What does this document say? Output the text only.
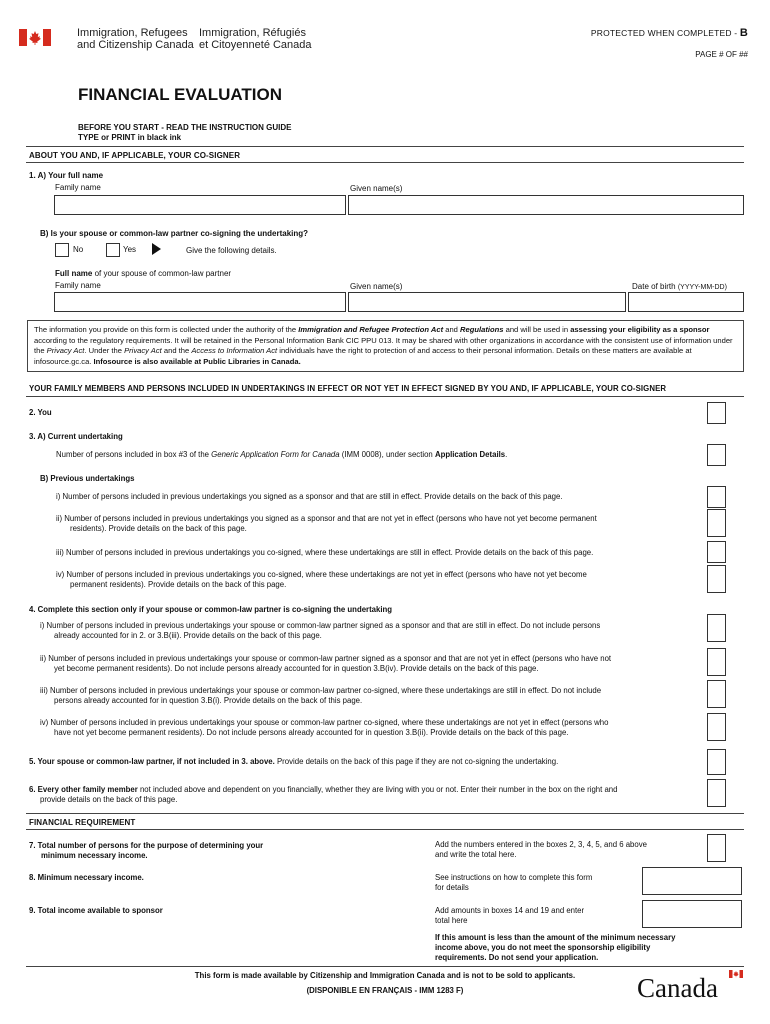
Immigration, Refugees
and Citizenship Canada
Immigration, Réfugiés
et Citoyenneté Canada
PROTECTED WHEN COMPLETED - B
PAGE # OF ##
FINANCIAL EVALUATION
BEFORE YOU START - READ THE INSTRUCTION GUIDE
TYPE or PRINT in black ink
ABOUT YOU AND, IF APPLICABLE, YOUR CO-SIGNER
1. A) Your full name
Family name	Given name(s)
B) Is your spouse or common-law partner co-signing the undertaking?
No	Yes	Give the following details.
Full name of your spouse of common-law partner
Family name	Given name(s)	Date of birth (YYYY-MM-DD)
The information you provide on this form is collected under the authority of the Immigration and Refugee Protection Act and Regulations and will be used in assessing your eligibility as a sponsor according to the regulatory requirements. It will be retained in the Personal Information Bank CIC PPU 013. It may be shared with other organizations in accordance with the consistent use of information under the Privacy Act. Under the Privacy Act and the Access to Information Act individuals have the right to protection of and access to their personal information. Details on these matters are available at infosource.gc.ca. Infosource is also available at Public Libraries in Canada.
YOUR FAMILY MEMBERS AND PERSONS INCLUDED IN UNDERTAKINGS IN EFFECT OR NOT YET IN EFFECT SIGNED BY YOU AND, IF APPLICABLE, YOUR CO-SIGNER
2. You
3. A) Current undertaking
Number of persons included in box #3 of the Generic Application Form for Canada (IMM 0008), under section Application Details.
B) Previous undertakings
i) Number of persons included in previous undertakings you signed as a sponsor and that are still in effect. Provide details on the back of this page.
ii) Number of persons included in previous undertakings you signed as a sponsor and that are not yet in effect (persons who have not yet become permanent
residents). Provide details on the back of this page.
iii) Number of persons included in previous undertakings you co-signed, where these undertakings are still in effect. Provide details on the back of this page.
iv) Number of persons included in previous undertakings you co-signed, where these undertakings are not yet in effect (persons who have not yet become
permanent residents). Provide details on the back of this page.
4. Complete this section only if your spouse or common-law partner is co-signing the undertaking
i) Number of persons included in previous undertakings your spouse or common-law partner signed as a sponsor and that are still in effect. Do not include persons
already accounted for in 2. or 3.B(iii). Provide details on the back of this page.
ii) Number of persons included in previous undertakings your spouse or common-law partner signed as a sponsor and that are not yet in effect (persons who have not
yet become permanent residents). Do not include persons already accounted for in question 3.B(iv). Provide details on the back of this page.
iii) Number of persons included in previous undertakings your spouse or common-law partner co-signed, where these undertakings are still in effect. Do not include
persons already accounted for in question 3.B(i). Provide details on the back of this page.
iv) Number of persons included in previous undertakings your spouse or common-law partner co-signed, where these undertakings are not yet in effect (persons who
have not yet become permanent residents). Do not include persons already accounted for in question 3.B(ii). Provide details on the back of this page.
5. Your spouse or common-law partner, if not included in 3. above. Provide details on the back of this page if they are not co-signing the undertaking.
6. Every other family member not included above and dependent on you financially, whether they are living with you or not. Enter their number in the box on the right and
provide details on the back of this page.
FINANCIAL REQUIREMENT
7. Total number of persons for the purpose of determining your
minimum necessary income.
Add the numbers entered in the boxes 2, 3, 4, 5, and 6 above
and write the total here.
8. Minimum necessary income.	See instructions on how to complete this form
for details
9. Total income available to sponsor	Add amounts in boxes 14 and 19 and enter
total here
If this amount is less than the amount of the minimum necessary
income above, you do not meet the sponsorship eligibility
requirements. Do not send your application.
This form is made available by Citizenship and Immigration Canada and is not to be sold to applicants.
(DISPONIBLE EN FRANÇAIS - IMM 1283 F)	Canada
